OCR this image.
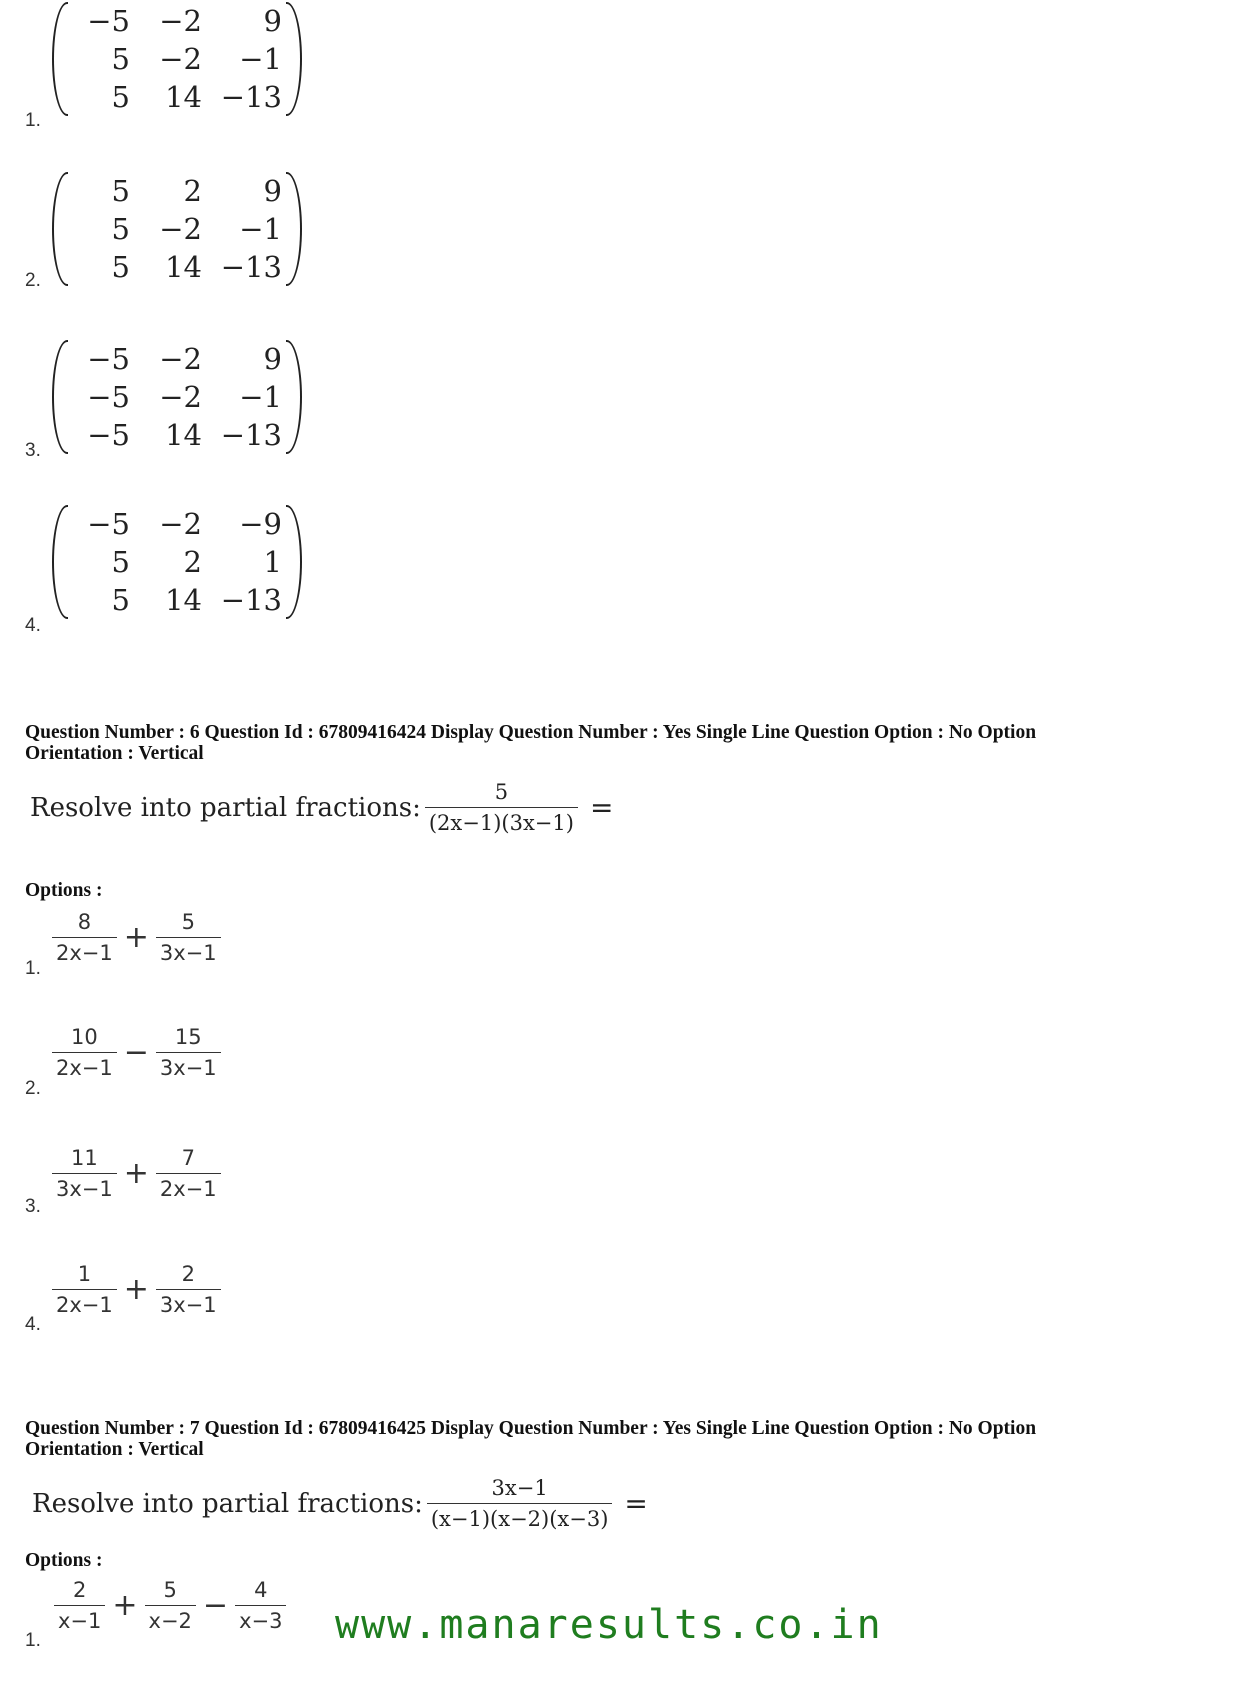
1.
−5	−2	9
5	−2	−1
5	14 −13
2.
5	2	9
5	−2	−1
5	14 −13
3.
−5	−2	9
−5	−2	−1
−5	14 −13
4.
−5	−2	−9
5	2	1
5	14 −13
Question Number : 6 Question Id : 67809416424 Display Question Number : Yes Single Line Question Option : No Option
Orientation : Vertical
Resolve into partial fractions: $\frac{5}{(2x-1)(3x-1)}$ =
Options :
1.
$\frac{8}{2x-1} + \frac{5}{3x-1}$
2.
$\frac{10}{2x-1} - \frac{15}{3x-1}$
3.
$\frac{11}{3x-1} + \frac{7}{2x-1}$
4.
$\frac{1}{2x-1} + \frac{2}{3x-1}$
Question Number : 7 Question Id : 67809416425 Display Question Number : Yes Single Line Question Option : No Option
Orientation : Vertical
Resolve into partial fractions: $\frac{3x-1}{(x-1)(x-2)(x-3)}$ =
Options :
1.
$\frac{2}{x-1} + \frac{5}{x-2} - \frac{4}{x-3}$ www.manaresults.co.in
